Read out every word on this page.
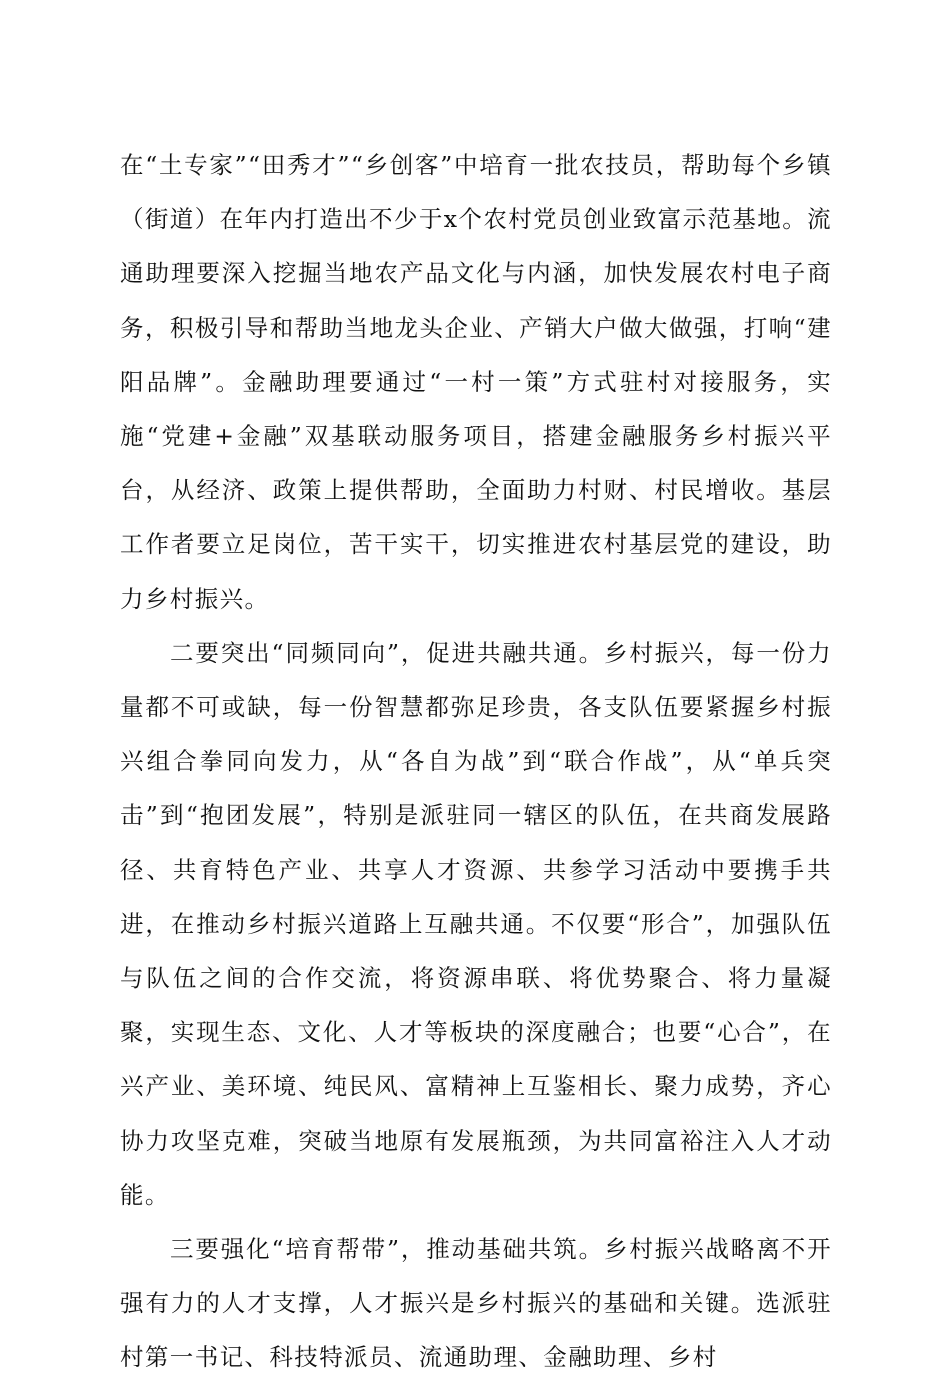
在“土专家”“田秀才”“乡创客”中培育一批农技员，帮助每个乡镇（街道）在年内打造出不少于x个农村党员创业致富示范基地。流通助理要深入挖掘当地农产品文化与内涵，加快发展农村电子商务，积极引导和帮助当地龙头企业、产销大户做大做强，打响“建阳品牌”。金融助理要通过“一村一策”方式驻村对接服务，实施“党建+金融”双基联动服务项目，搭建金融服务乡村振兴平台，从经济、政策上提供帮助，全面助力村财、村民增收。基层工作者要立足岗位，苦干实干，切实推进农村基层党的建设，助力乡村振兴。

二要突出“同频同向”，促进共融共通。乡村振兴，每一份力量都不可或缺，每一份智慧都弥足珍贵，各支队伍要紧握乡村振兴组合拳同向发力，从“各自为战”到“联合作战”，从“单兵突击”到“抱团发展”，特别是派驻同一辖区的队伍，在共商发展路径、共育特色产业、共享人才资源、共参学习活动中要携手共进，在推动乡村振兴道路上互融共通。不仅要“形合”，加强队伍与队伍之间的合作交流，将资源串联、将优势聚合、将力量凝聚，实现生态、文化、人才等板块的深度融合；也要“心合”，在兴产业、美环境、纯民风、富精神上互鉴相长、聚力成势，齐心协力攻坚克难，突破当地原有发展瓶颈，为共同富裕注入人才动能。

三要强化“培育帮带”，推动基础共筑。乡村振兴战略离不开强有力的人才支撑，人才振兴是乡村振兴的基础和关键。选派驻村第一书记、科技特派员、流通助理、金融助理、乡村
